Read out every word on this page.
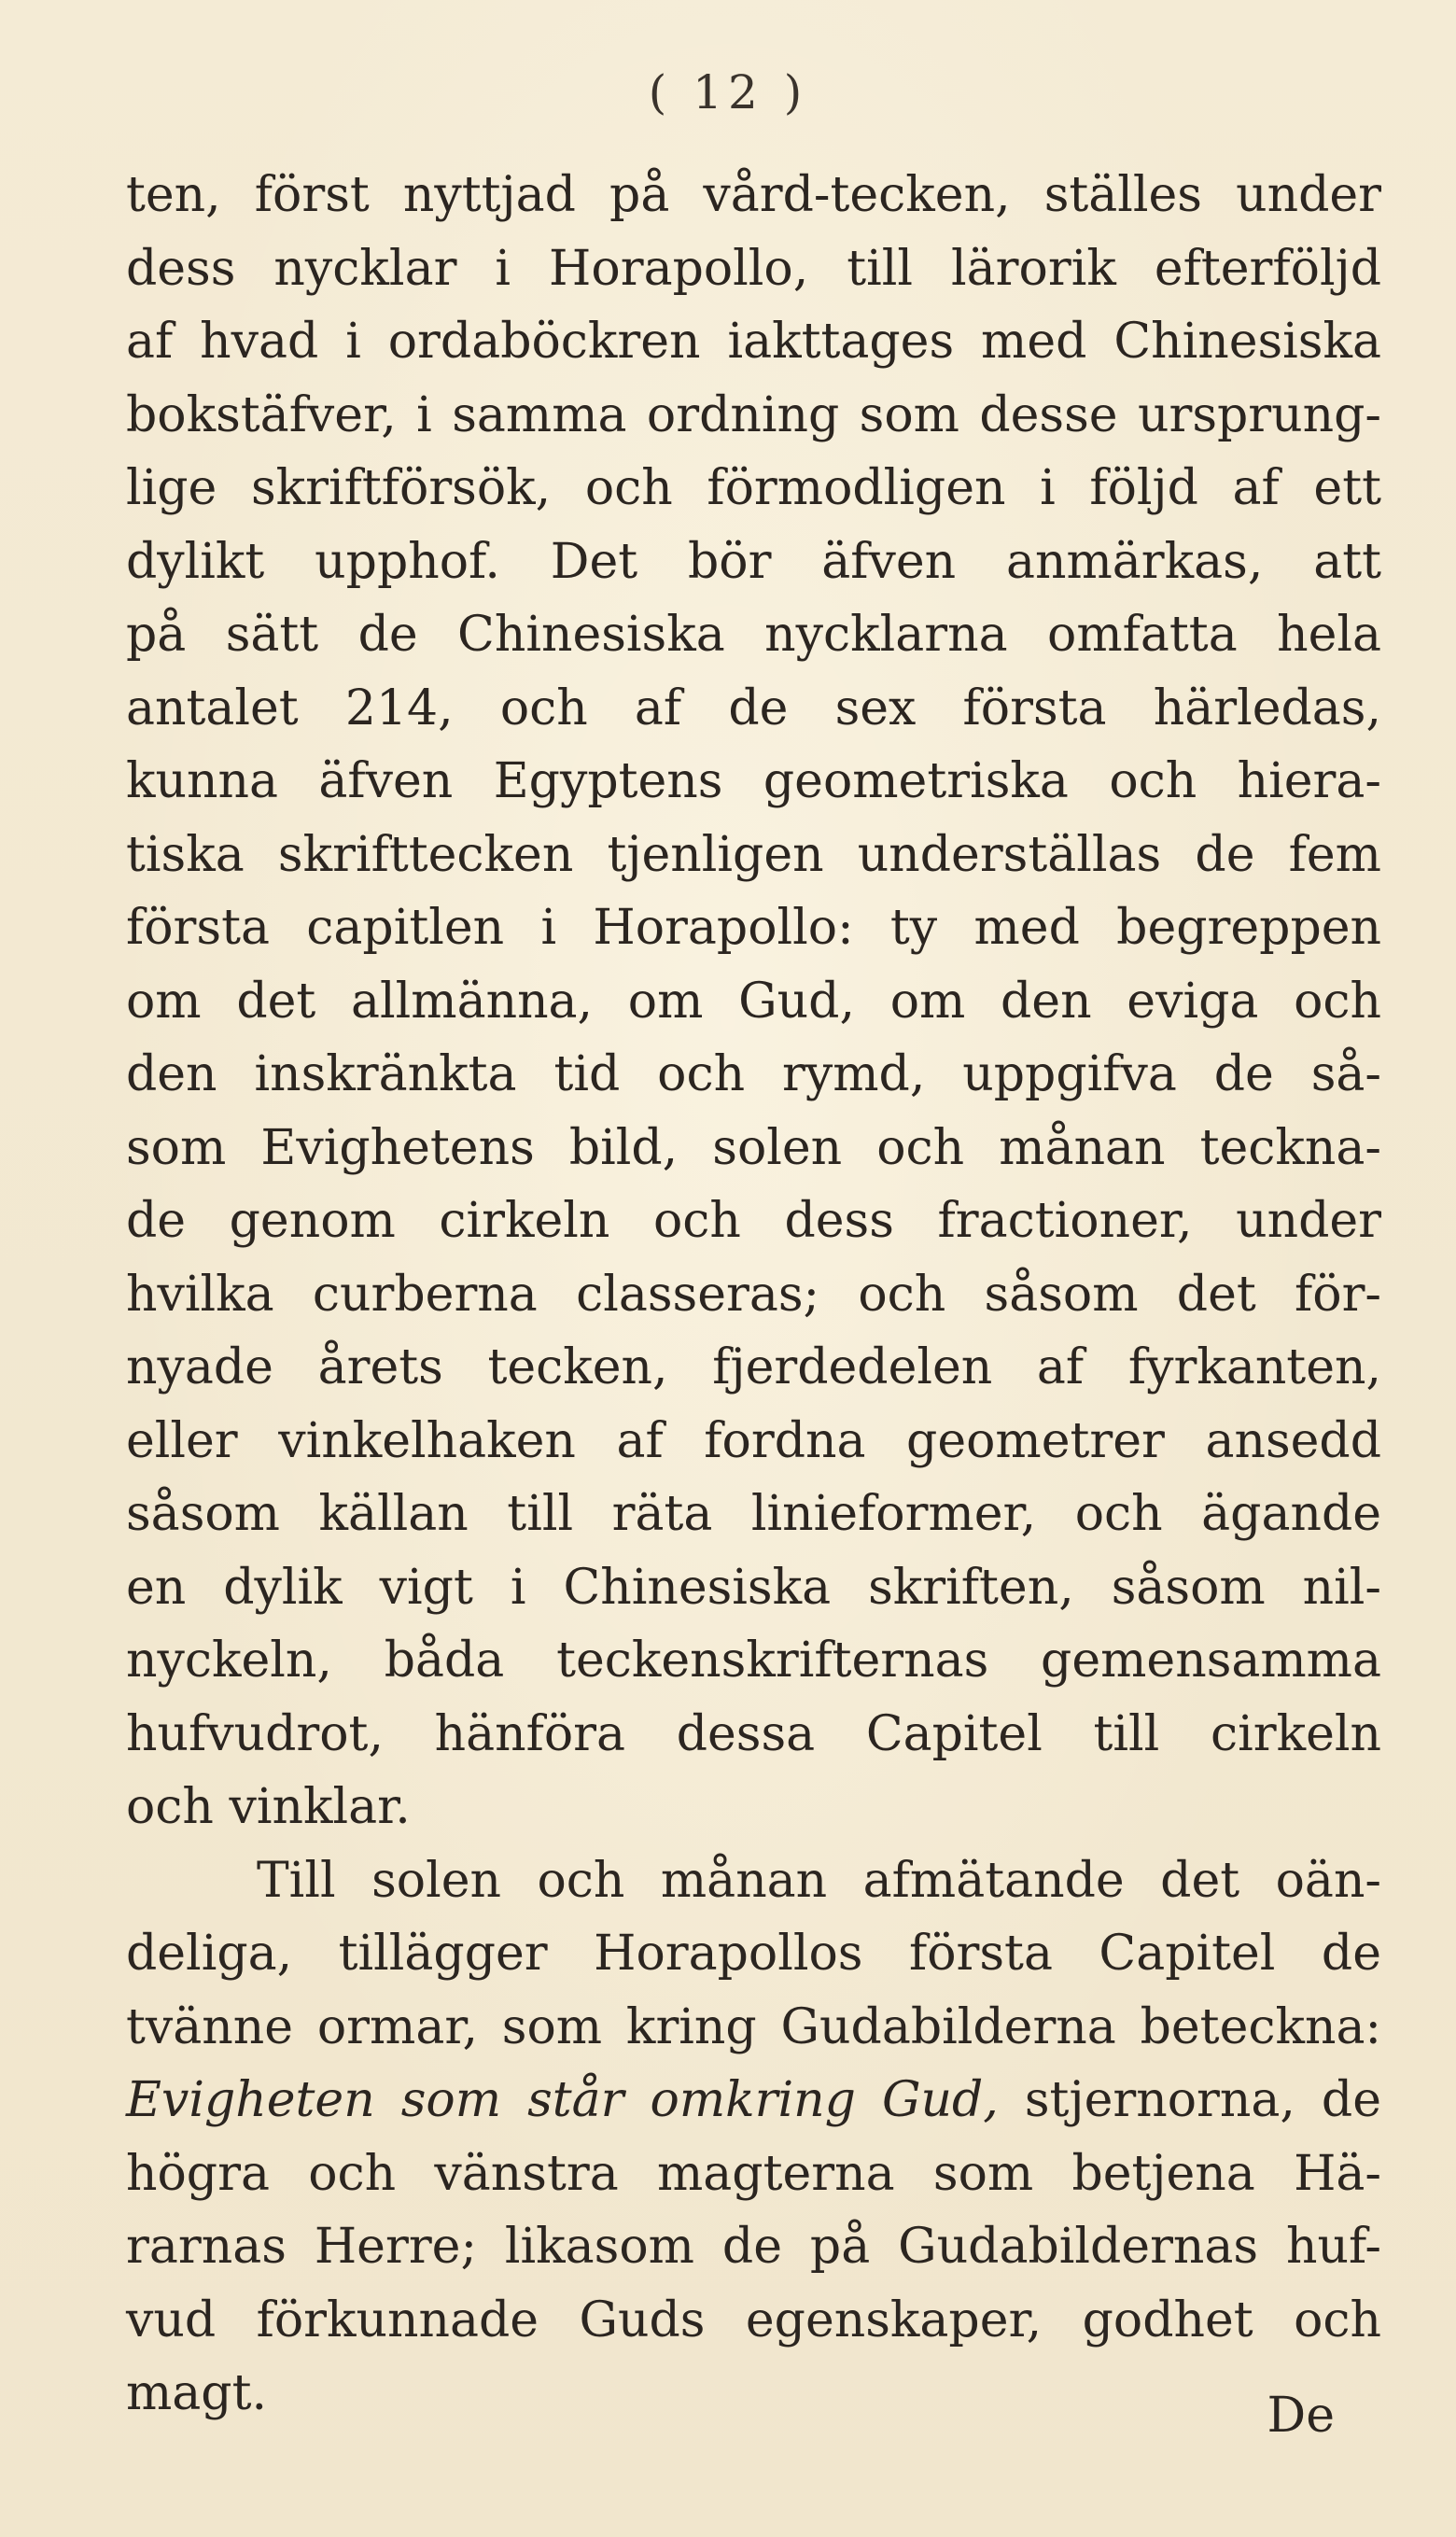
( 12 )
ten, först nyttjad på vård-tecken, ställes under
dess nycklar i Horapollo, till lärorik efterföljd
af hvad i ordaböckren iakttages med Chinesiska
bokstäfver, i samma ordning som desse ursprung-
lige skriftförsök, och förmodligen i följd af ett
dylikt upphof. Det bör äfven anmärkas, att
på sätt de Chinesiska nycklarna omfatta hela
antalet 214, och af de sex första härledas,
kunna äfven Egyptens geometriska och hiera-
tiska skrifttecken tjenligen underställas de fem
första capitlen i Horapollo: ty med begreppen
om det allmänna, om Gud, om den eviga och
den inskränkta tid och rymd, uppgifva de så-
som Evighetens bild, solen och månan teckna-
de genom cirkeln och dess fractioner, under
hvilka curberna classeras; och såsom det för-
nyade årets tecken, fjerdedelen af fyrkanten,
eller vinkelhaken af fordna geometrer ansedd
såsom källan till räta linieformer, och ägande
en dylik vigt i Chinesiska skriften, såsom nil-
nyckeln, båda teckenskrifternas gemensamma
hufvudrot, hänföra dessa Capitel till cirkeln
och vinklar.
Till solen och månan afmätande det oän-
deliga, tillägger Horapollos första Capitel de
tvänne ormar, som kring Gudabilderna beteckna:
Evigheten som står omkring Gud, stjernorna, de
högra och vänstra magterna som betjena Hä-
rarnas Herre; likasom de på Gudabildernas huf-
vud förkunnade Guds egenskaper, godhet och
magt.	De
